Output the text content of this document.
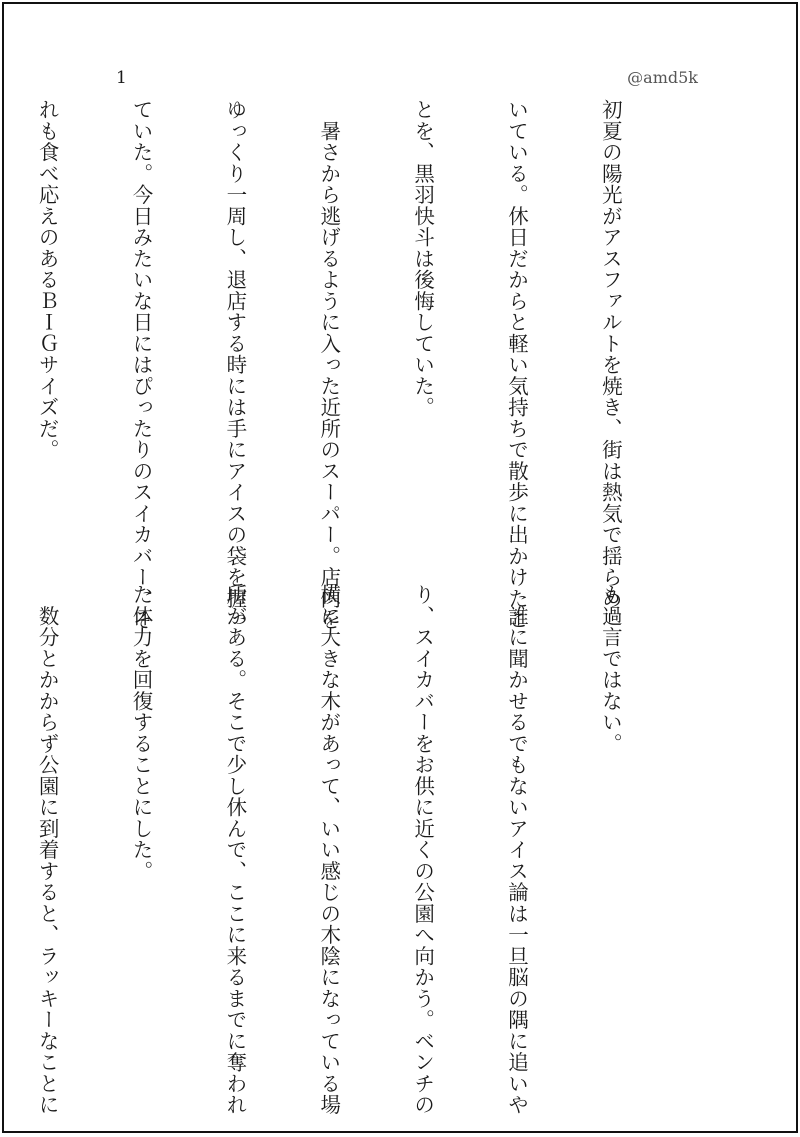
1	@amd5k

初夏の陽光がアスファルトを焼き、街は熱気で揺らめ

いている。休日だからと軽い気持ちで散歩に出かけたこ

とを、黒羽快斗は後悔していた。

　暑さから逃げるように入った近所のスーパー。店内を

ゆっくり一周し、退店する時には手にアイスの袋を握っ

ていた。今日みたいな日にはぴったりのスイカバー、そ

れも食べ応えのあるＢＩＧサイズだ。

も過言ではない。

　誰に聞かせるでもないアイス論は一旦脳の隅に追いや

り、スイカバーをお供に近くの公園へ向かう。ベンチの

横に大きな木があって、いい感じの木陰になっている場

所がある。そこで少し休んで、ここに来るまでに奪われ

た体力を回復することにした。

　数分とかからず公園に到着すると、ラッキーなことに
